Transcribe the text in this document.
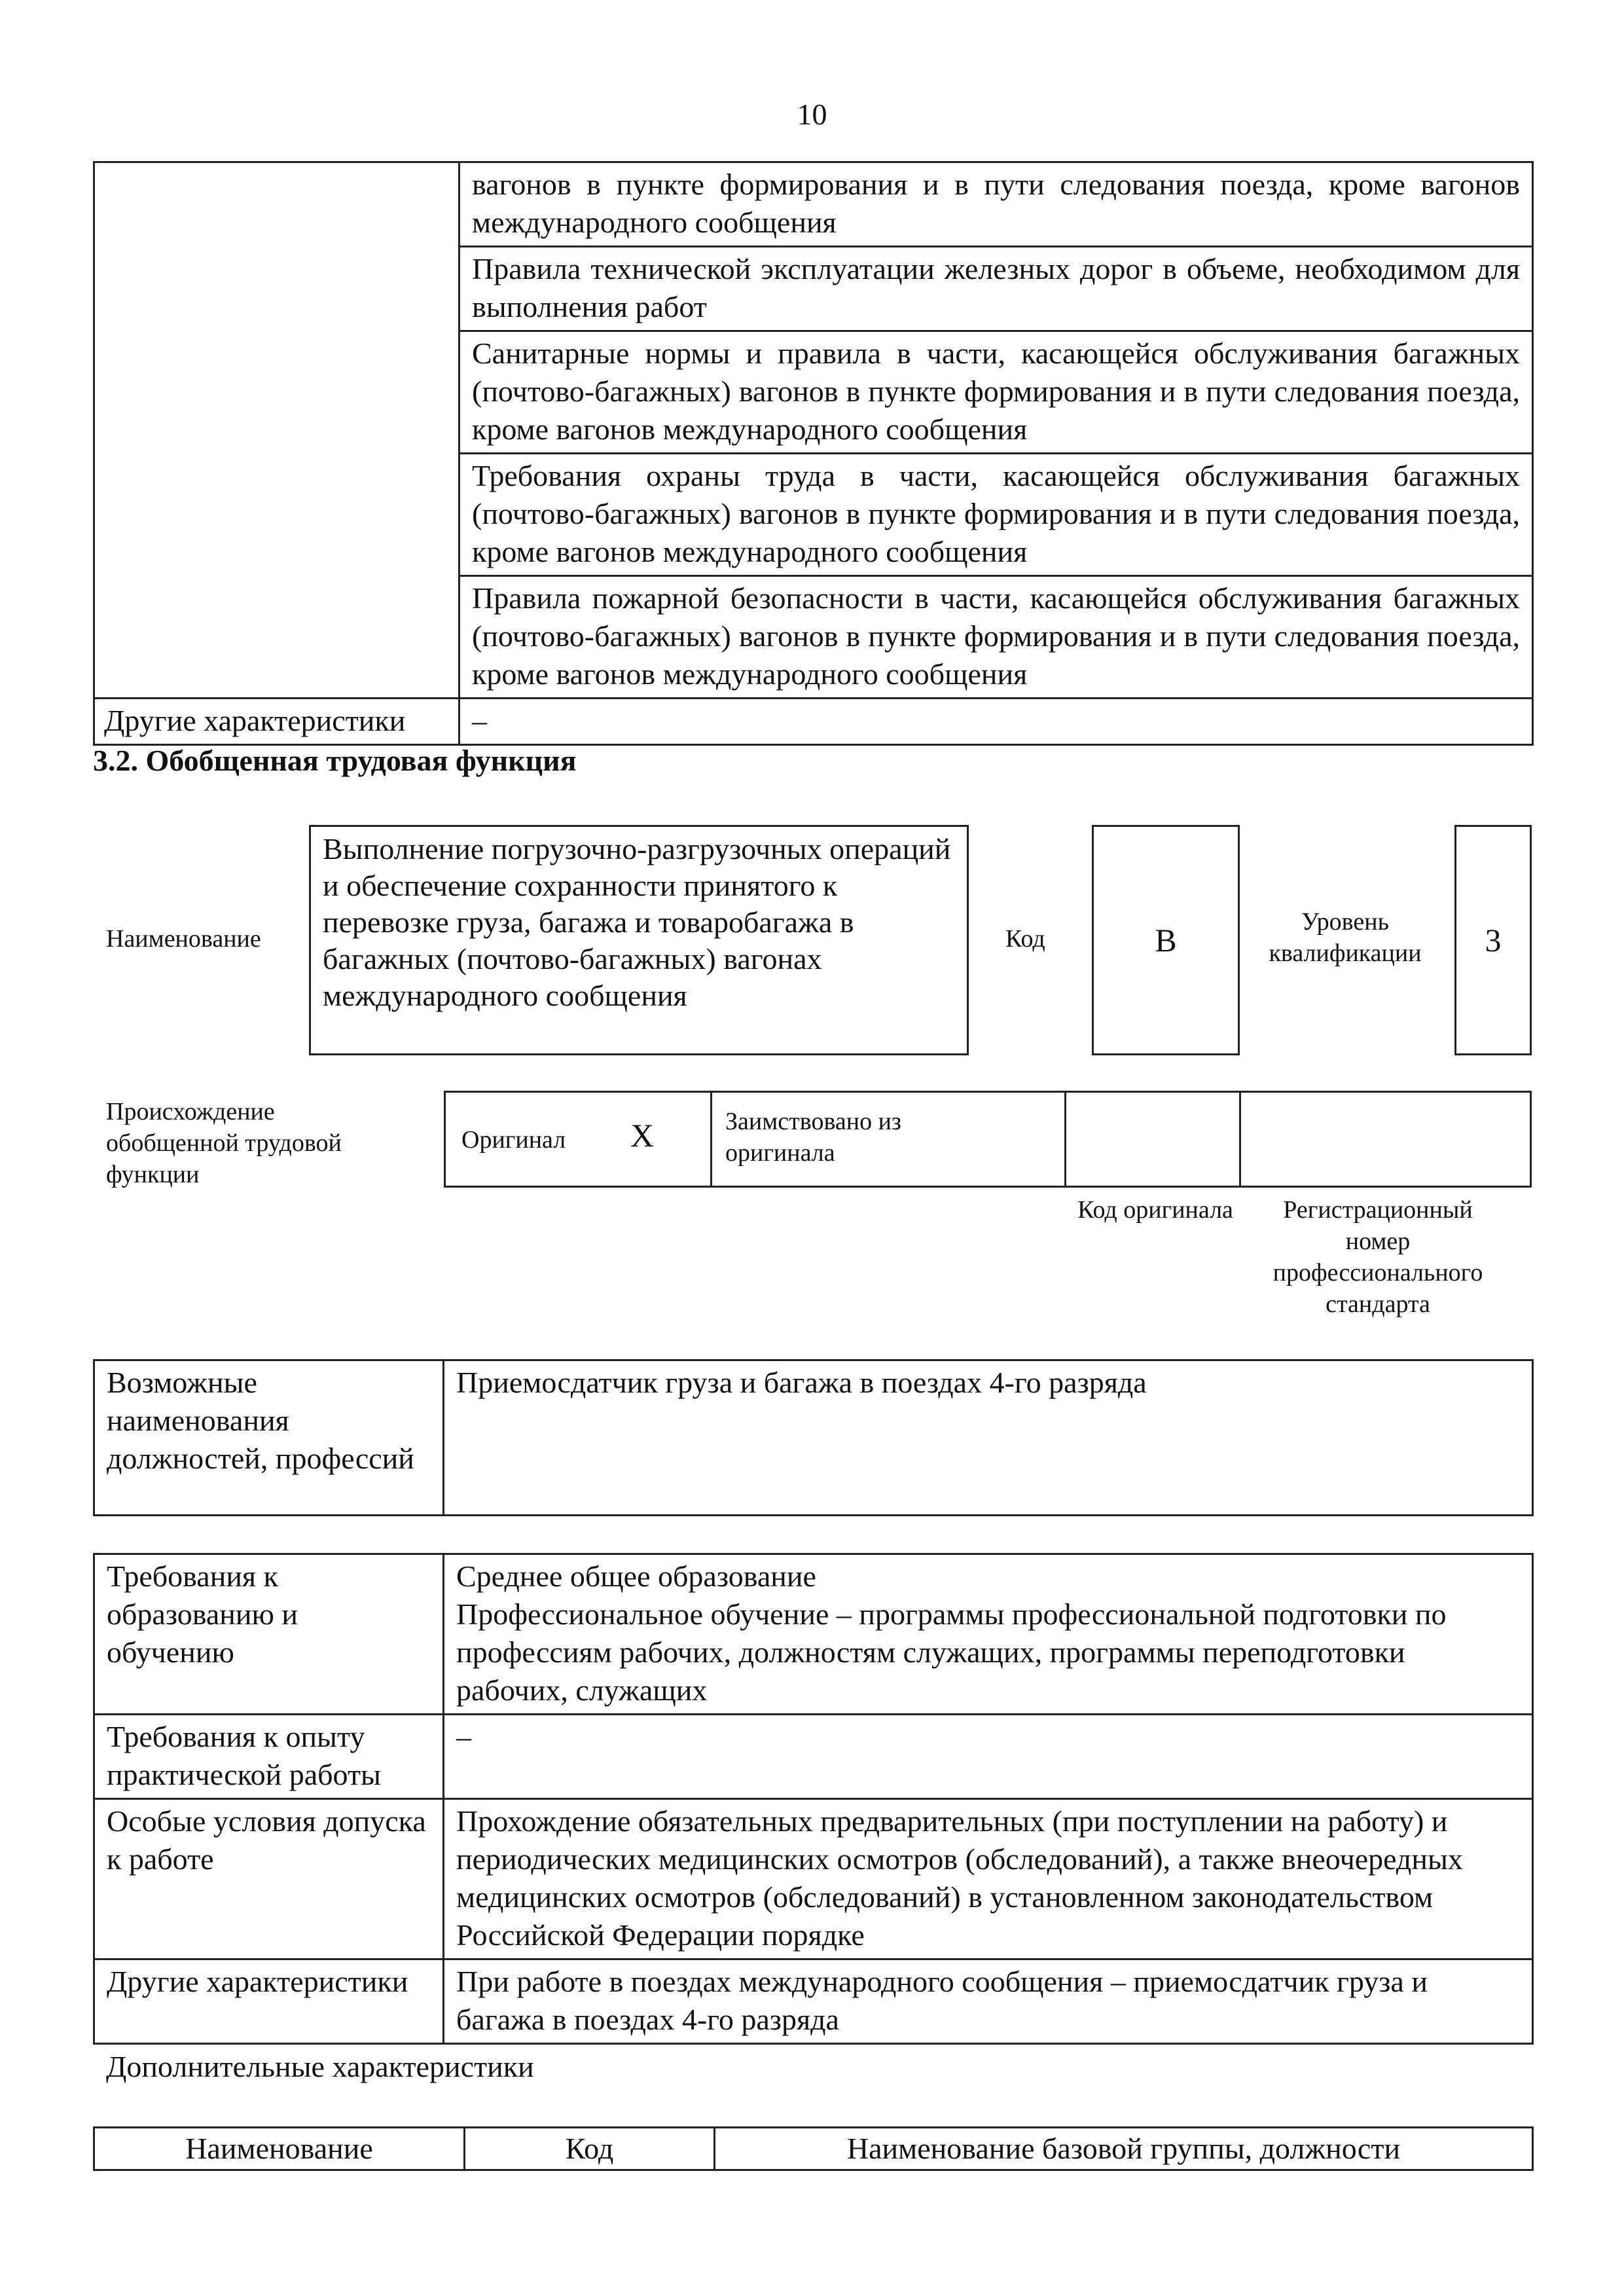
10
	вагонов в пункте формирования и в пути следования поезда, кроме вагонов международного сообщения
	Правила технической эксплуатации железных дорог в объеме, необходимом для выполнения работ
	Санитарные нормы и правила в части, касающейся обслуживания багажных (почтово-багажных) вагонов в пункте формирования и в пути следования поезда, кроме вагонов международного сообщения
	Требования охраны труда в части, касающейся обслуживания багажных (почтово-багажных) вагонов в пункте формирования и в пути следования поезда, кроме вагонов международного сообщения
	Правила пожарной безопасности в части, касающейся обслуживания багажных (почтово-багажных) вагонов в пункте формирования и в пути следования поезда, кроме вагонов международного сообщения
Другие характеристики	–
3.2. Обобщенная трудовая функция
Наименование
Выполнение погрузочно-разгрузочных операций и обеспечение сохранности принятого к перевозке груза, багажа и товаробагажа в багажных (почтово-багажных) вагонах международного сообщения
Код	B	Уровень квалификации	3
Происхождение обобщенной трудовой функции
Оригинал X	Заимствовано из оригинала
Код оригинала	Регистрационный номер профессионального стандарта
Возможные наименования должностей, профессий	Приемосдатчик груза и багажа в поездах 4-го разряда
Требования к образованию и обучению	Среднее общее образование
Профессиональное обучение – программы профессиональной подготовки по профессиям рабочих, должностям служащих, программы переподготовки рабочих, служащих
Требования к опыту практической работы	–
Особые условия допуска к работе	Прохождение обязательных предварительных (при поступлении на работу) и периодических медицинских осмотров (обследований), а также внеочередных медицинских осмотров (обследований) в установленном законодательством Российской Федерации порядке
Другие характеристики	При работе в поездах международного сообщения – приемосдатчик груза и багажа в поездах 4-го разряда
Дополнительные характеристики
Наименование	Код	Наименование базовой группы, должности
